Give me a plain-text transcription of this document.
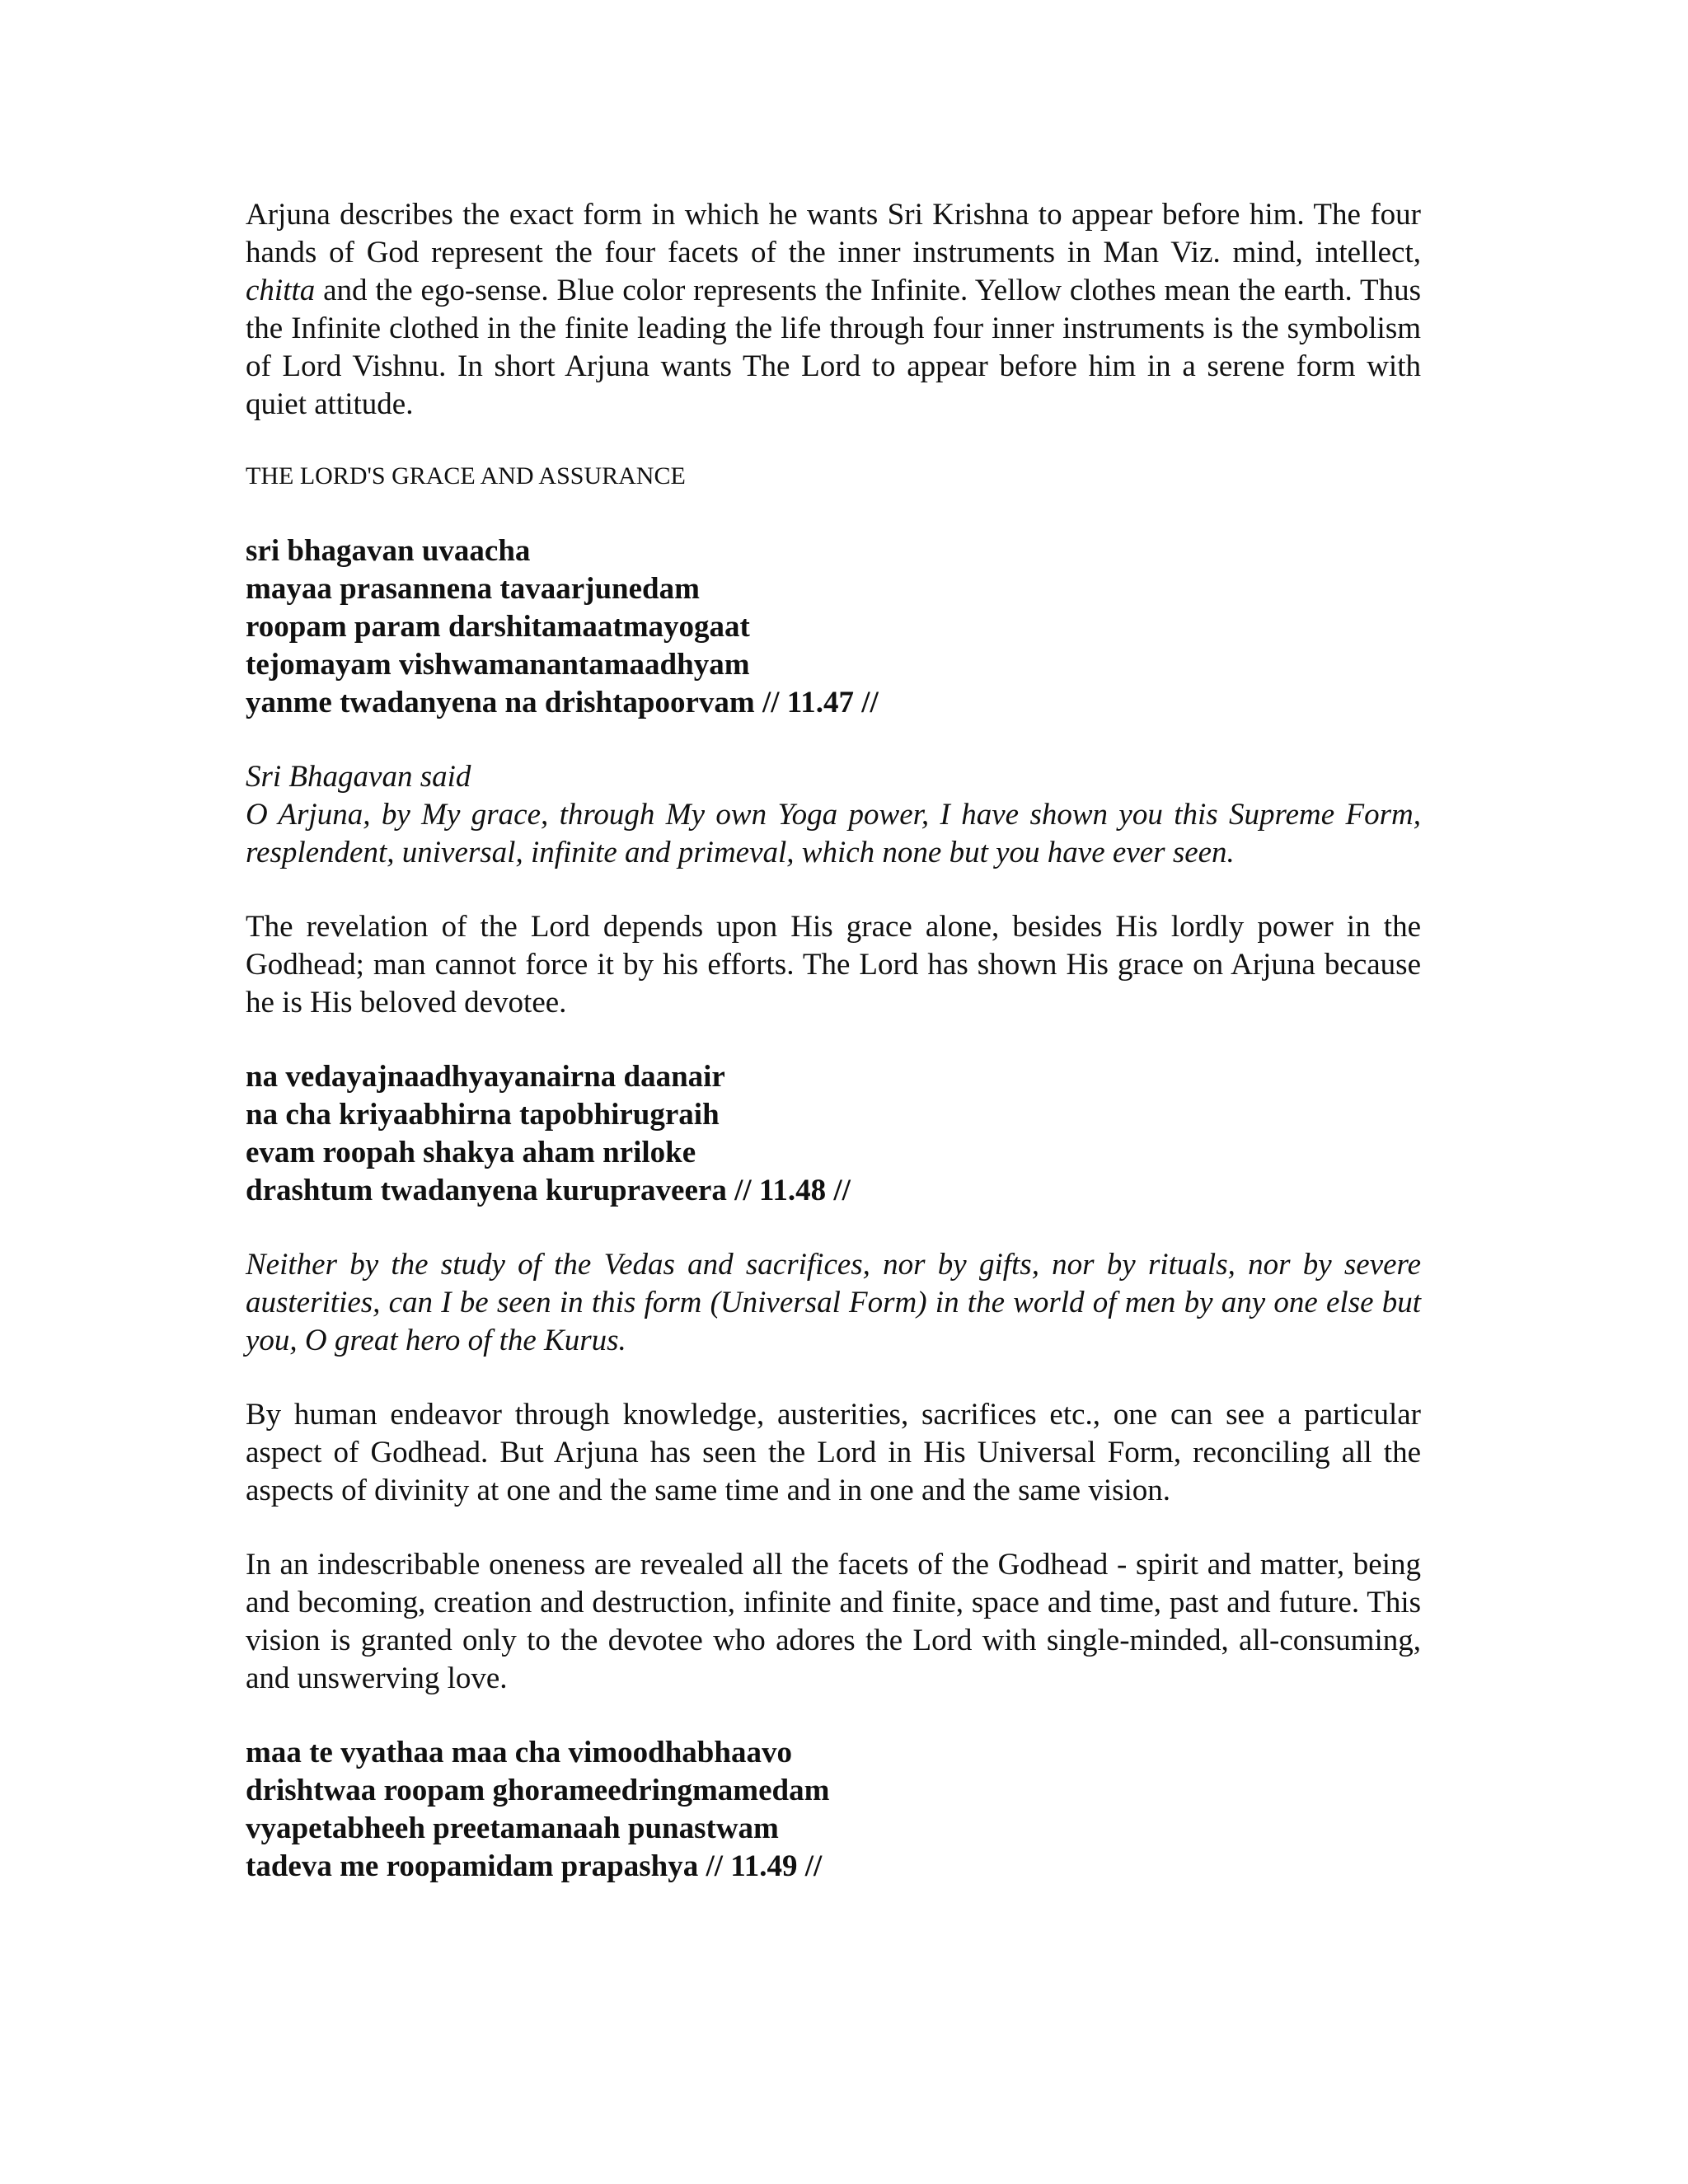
Arjuna describes the exact form in which he wants Sri Krishna to appear before him. The four hands of God represent the four facets of the inner instruments in Man Viz. mind, intellect, chitta and the ego-sense. Blue color represents the Infinite. Yellow clothes mean the earth. Thus the Infinite clothed in the finite leading the life through four inner instruments is the symbolism of Lord Vishnu. In short Arjuna wants The Lord to appear before him in a serene form with quiet attitude.

THE LORD'S GRACE AND ASSURANCE

sri bhagavan uvaacha
mayaa prasannena tavaarjunedam
roopam param darshitamaatmayogaat
tejomayam vishwamanantamaadhyam
yanme twadanyena na drishtapoorvam // 11.47 //
Sri Bhagavan said
O Arjuna, by My grace, through My own Yoga power, I have shown you this Supreme Form, resplendent, universal, infinite and primeval, which none but you have ever seen.

The revelation of the Lord depends upon His grace alone, besides His lordly power in the Godhead; man cannot force it by his efforts. The Lord has shown His grace on Arjuna because he is His beloved devotee.

na vedayajnaadhyayanairna daanair
na cha kriyaabhirna tapobhirugraih
evam roopah shakya aham nriloke
drashtum twadanyena kurupraveera // 11.48 //
Neither by the study of the Vedas and sacrifices, nor by gifts, nor by rituals, nor by severe austerities, can I be seen in this form (Universal Form) in the world of men by any one else but you, O great hero of the Kurus.

By human endeavor through knowledge, austerities, sacrifices etc., one can see a particular aspect of Godhead. But Arjuna has seen the Lord in His Universal Form, reconciling all the aspects of divinity at one and the same time and in one and the same vision.

In an indescribable oneness are revealed all the facets of the Godhead - spirit and matter, being and becoming, creation and destruction, infinite and finite, space and time, past and future. This vision is granted only to the devotee who adores the Lord with single-minded, all-consuming, and unswerving love.

maa te vyathaa maa cha vimoodhabhaavo
drishtwaa roopam ghorameedringmamedam
vyapetabheeh preetamanaah punastwam
tadeva me roopamidam prapashya // 11.49 //
